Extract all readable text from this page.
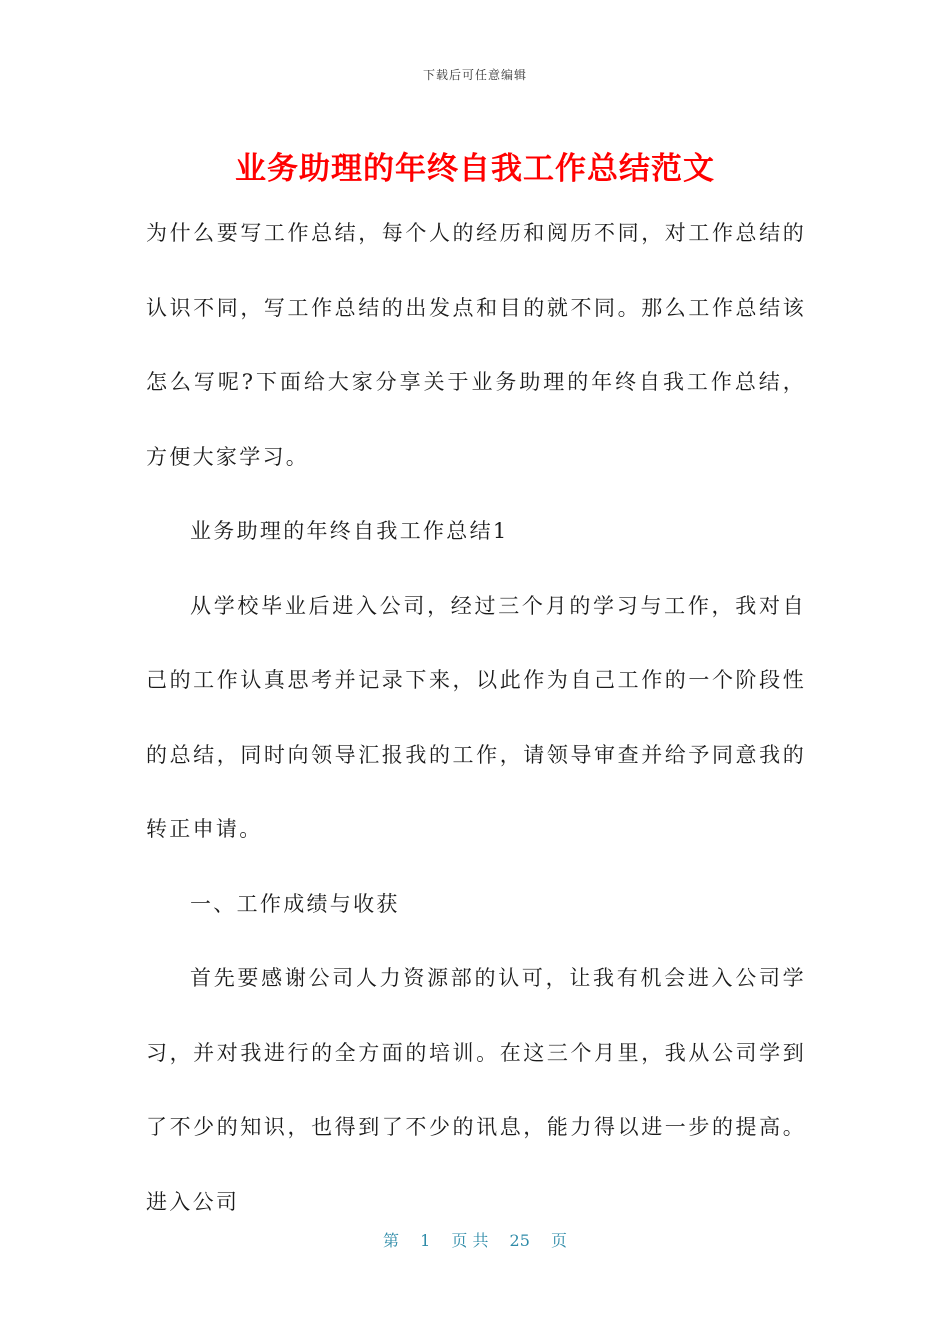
下载后可任意编辑
业务助理的年终自我工作总结范文

为什么要写工作总结，每个人的经历和阅历不同，对工作总结的认识不同，写工作总结的出发点和目的就不同。那么工作总结该怎么写呢?下面给大家分享关于业务助理的年终自我工作总结，方便大家学习。

业务助理的年终自我工作总结1

从学校毕业后进入公司，经过三个月的学习与工作，我对自己的工作认真思考并记录下来，以此作为自己工作的一个阶段性的总结，同时向领导汇报我的工作，请领导审查并给予同意我的转正申请。

一、工作成绩与收获

首先要感谢公司人力资源部的认可，让我有机会进入公司学习，并对我进行的全方面的培训。在这三个月里，我从公司学到了不少的知识，也得到了不少的讯息，能力得以进一步的提高。进入公司

第 1 页 共 25 页
